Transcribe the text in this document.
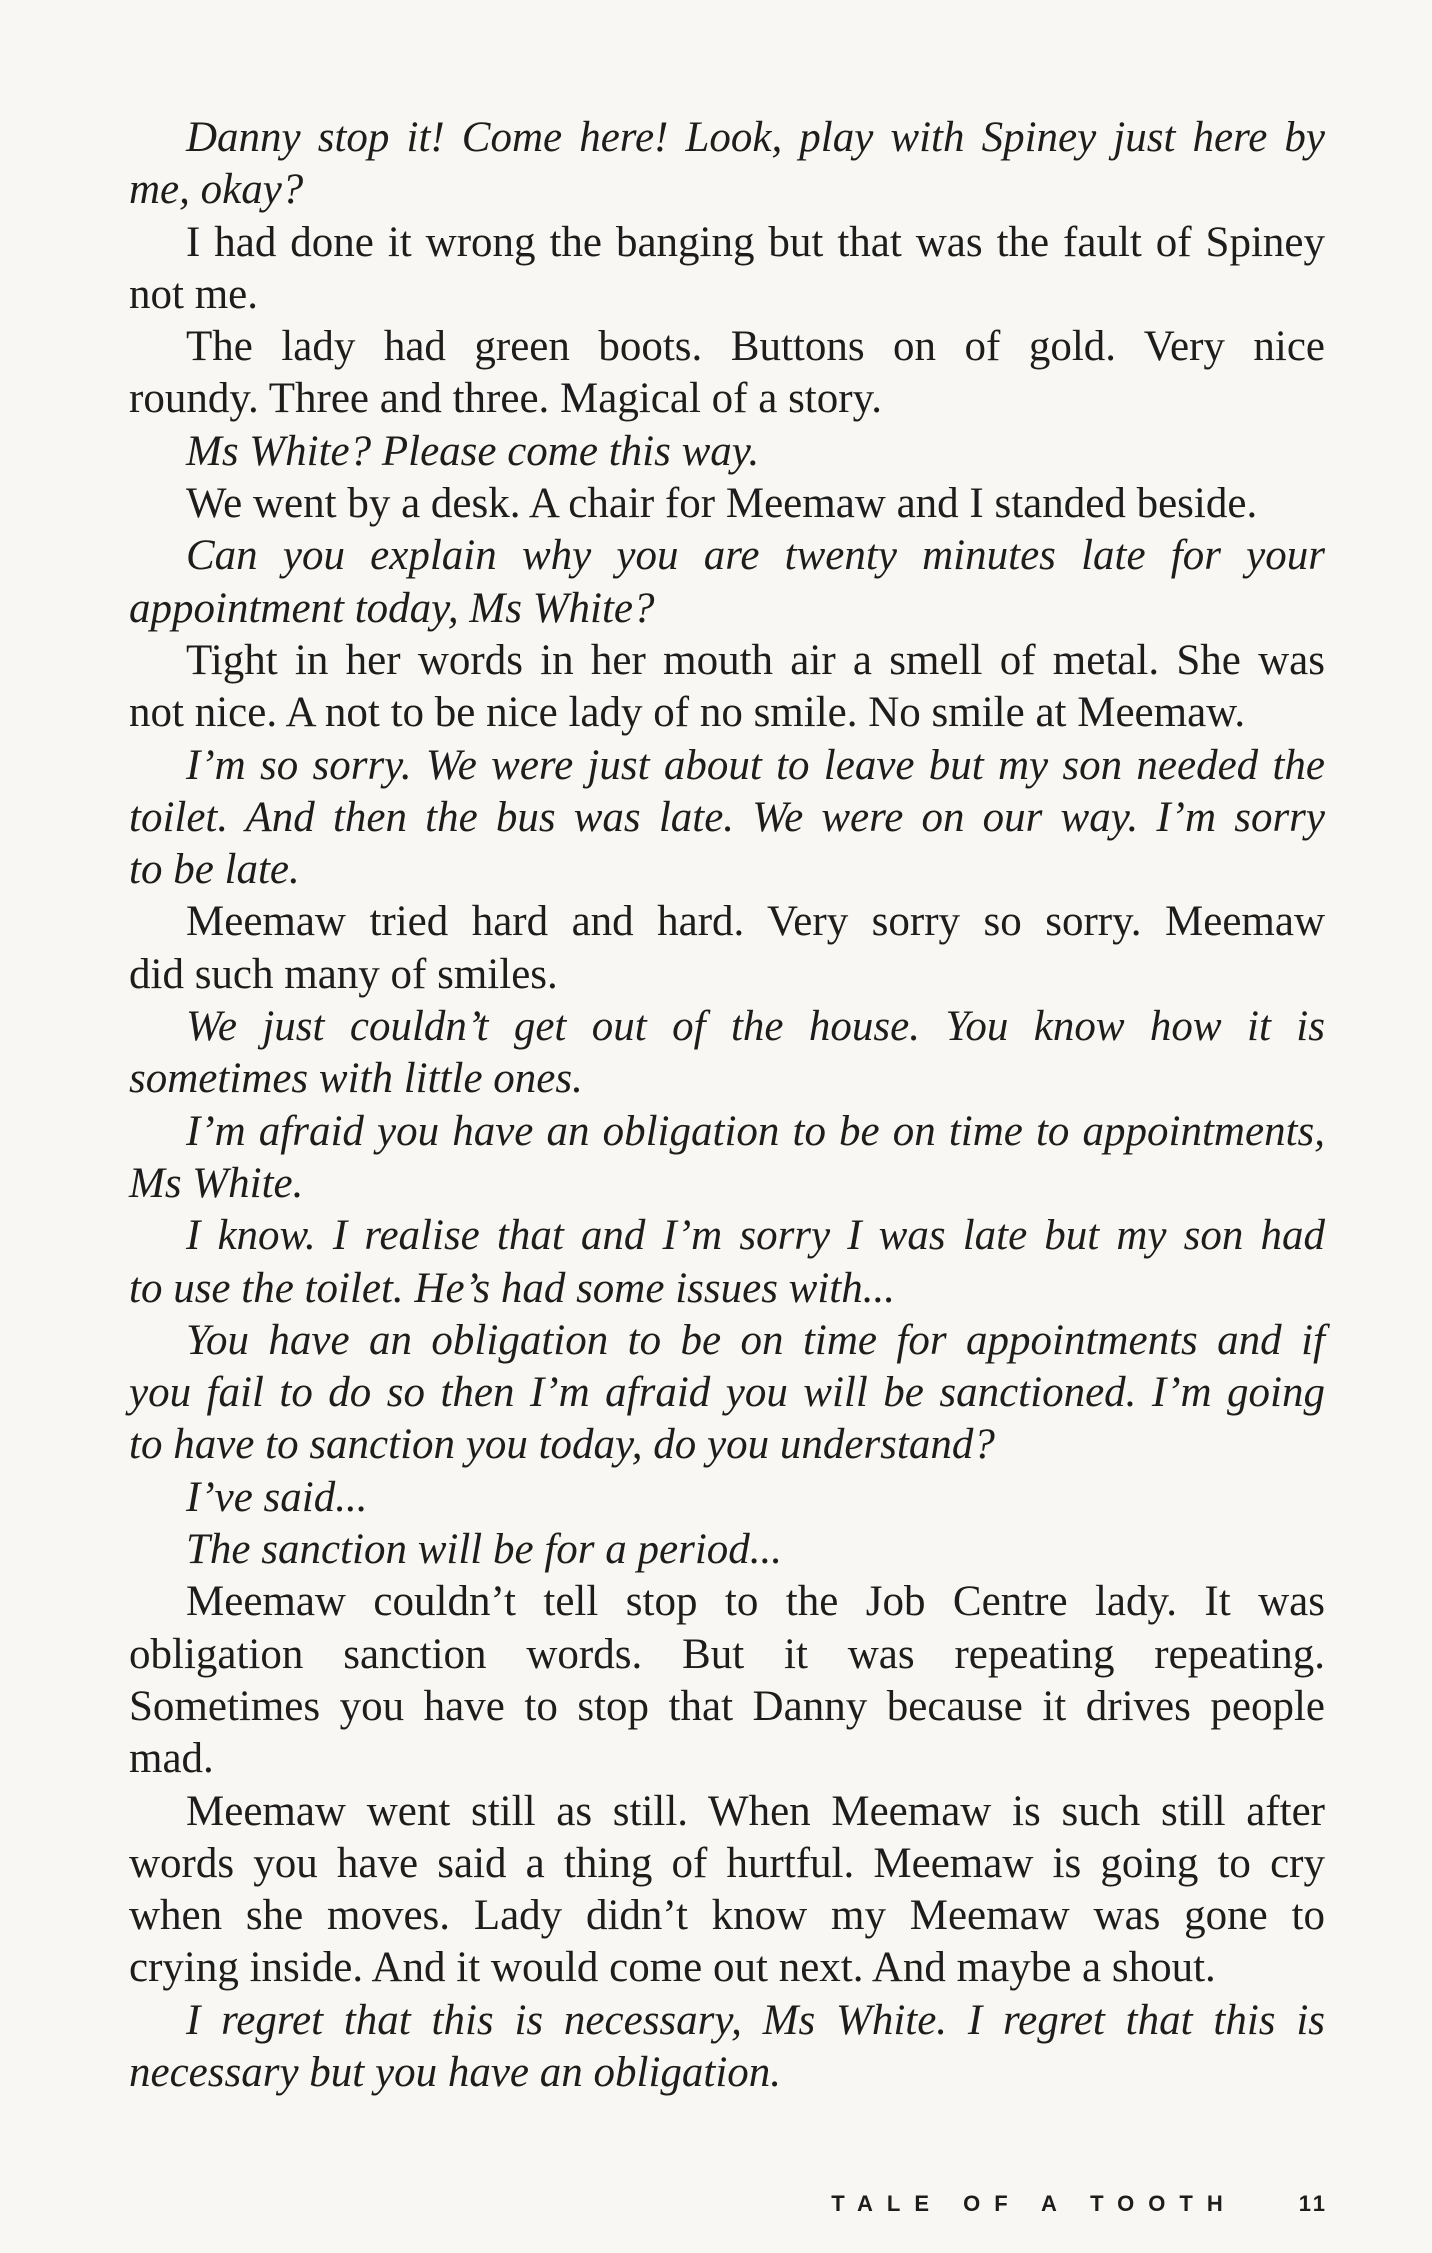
Danny stop it! Come here! Look, play with Spiney just here by
me, okay?
I had done it wrong the banging but that was the fault of Spiney
not me.
The lady had green boots. Buttons on of gold. Very nice
roundy. Three and three. Magical of a story.
Ms White? Please come this way.
We went by a desk. A chair for Meemaw and I standed beside.
Can you explain why you are twenty minutes late for your
appointment today, Ms White?
Tight in her words in her mouth air a smell of metal. She was
not nice. A not to be nice lady of no smile. No smile at Meemaw.
I’m so sorry. We were just about to leave but my son needed the
toilet. And then the bus was late. We were on our way. I’m sorry
to be late.
Meemaw tried hard and hard. Very sorry so sorry. Meemaw
did such many of smiles.
We just couldn’t get out of the house. You know how it is
sometimes with little ones.
I’m afraid you have an obligation to be on time to appointments,
Ms White.
I know. I realise that and I’m sorry I was late but my son had
to use the toilet. He’s had some issues with...
You have an obligation to be on time for appointments and if
you fail to do so then I’m afraid you will be sanctioned. I’m going
to have to sanction you today, do you understand?
I’ve said...
The sanction will be for a period...
Meemaw couldn’t tell stop to the Job Centre lady. It was
obligation sanction words. But it was repeating repeating.
Sometimes you have to stop that Danny because it drives people
mad.
Meemaw went still as still. When Meemaw is such still after
words you have said a thing of hurtful. Meemaw is going to cry
when she moves. Lady didn’t know my Meemaw was gone to
crying inside. And it would come out next. And maybe a shout.
I regret that this is necessary, Ms White. I regret that this is
necessary but you have an obligation.
TALE OF A TOOTH	11
